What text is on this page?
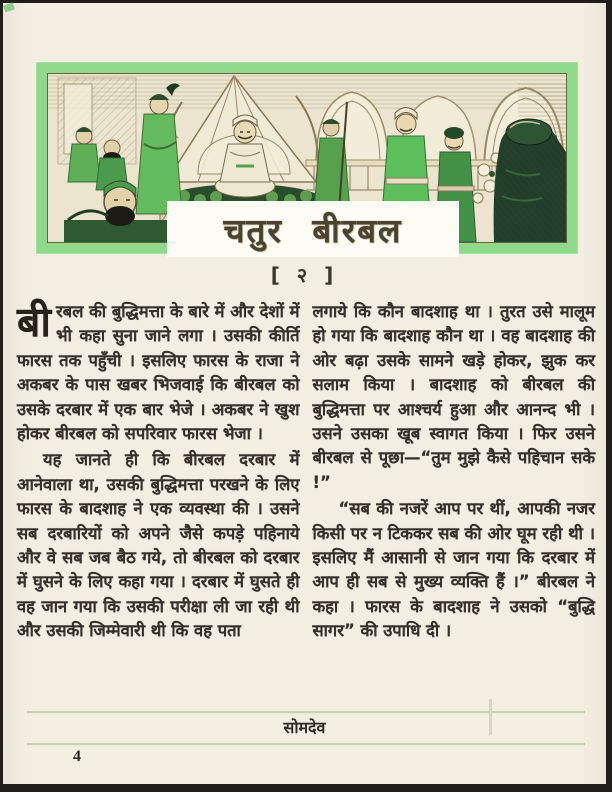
चतुर बीरबल
[ २ ]

बीरबल की बुद्धिमत्ता के बारे में और देशों में भी कहा सुना जाने लगा । उसकी कीर्ति फारस तक पहुँची । इसलिए फारस के राजा ने अकबर के पास खबर भिजवाई कि बीरबल को उसके दरबार में एक बार भेजे । अकबर ने खुश होकर बीरबल को सपरिवार फारस भेजा ।

यह जानते ही कि बीरबल दरबार में आनेवाला था, उसकी बुद्धिमत्ता परखने के लिए फारस के बादशाह ने एक व्यवस्था की । उसने सब दरबारियों को अपने जैसे कपड़े पहिनाये और वे सब जब बैठ गये, तो बीरबल को दरबार में घुसने के लिए कहा गया । दरबार में घुसते ही वह जान गया कि उसकी परीक्षा ली जा रही थी और उसकी जिम्मेवारी थी कि वह पता

लगाये कि कौन बादशाह था । तुरत उसे मालूम हो गया कि बादशाह कौन था । वह बादशाह की ओर बढ़ा उसके सामने खड़े होकर, झुक कर सलाम किया । बादशाह को बीरबल की बुद्धिमत्ता पर आश्चर्य हुआ और आनन्द भी । उसने उसका खूब स्वागत किया । फिर उसने बीरबल से पूछा—“तुम मुझे कैसे पहिचान सके !”

“सब की नजरें आप पर थीं, आपकी नजर किसी पर न टिककर सब की ओर घूम रही थी । इसलिए मैं आसानी से जान गया कि दरबार में आप ही सब से मुख्य व्यक्ति हैं ।” बीरबल ने कहा । फारस के बादशाह ने उसको “बुद्धि सागर” की उपाधि दी ।

सोमदेव
4
